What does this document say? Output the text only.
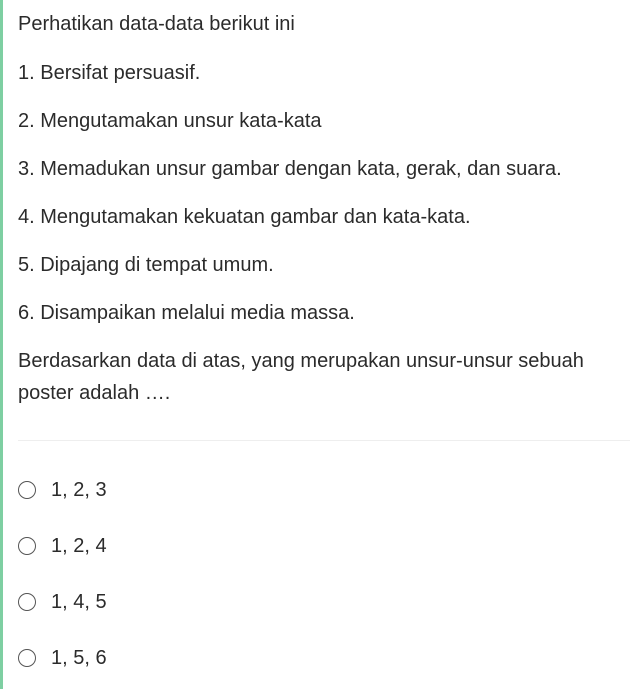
Perhatikan data-data berikut ini

1. Bersifat persuasif.

2. Mengutamakan unsur kata-kata

3. Memadukan unsur gambar dengan kata, gerak, dan suara.

4. Mengutamakan kekuatan gambar dan kata-kata.

5. Dipajang di tempat umum.

6. Disampaikan melalui media massa.

Berdasarkan data di atas, yang merupakan unsur-unsur sebuah poster adalah ….

1, 2, 3
1, 2, 4
1, 4, 5
1, 5, 6
